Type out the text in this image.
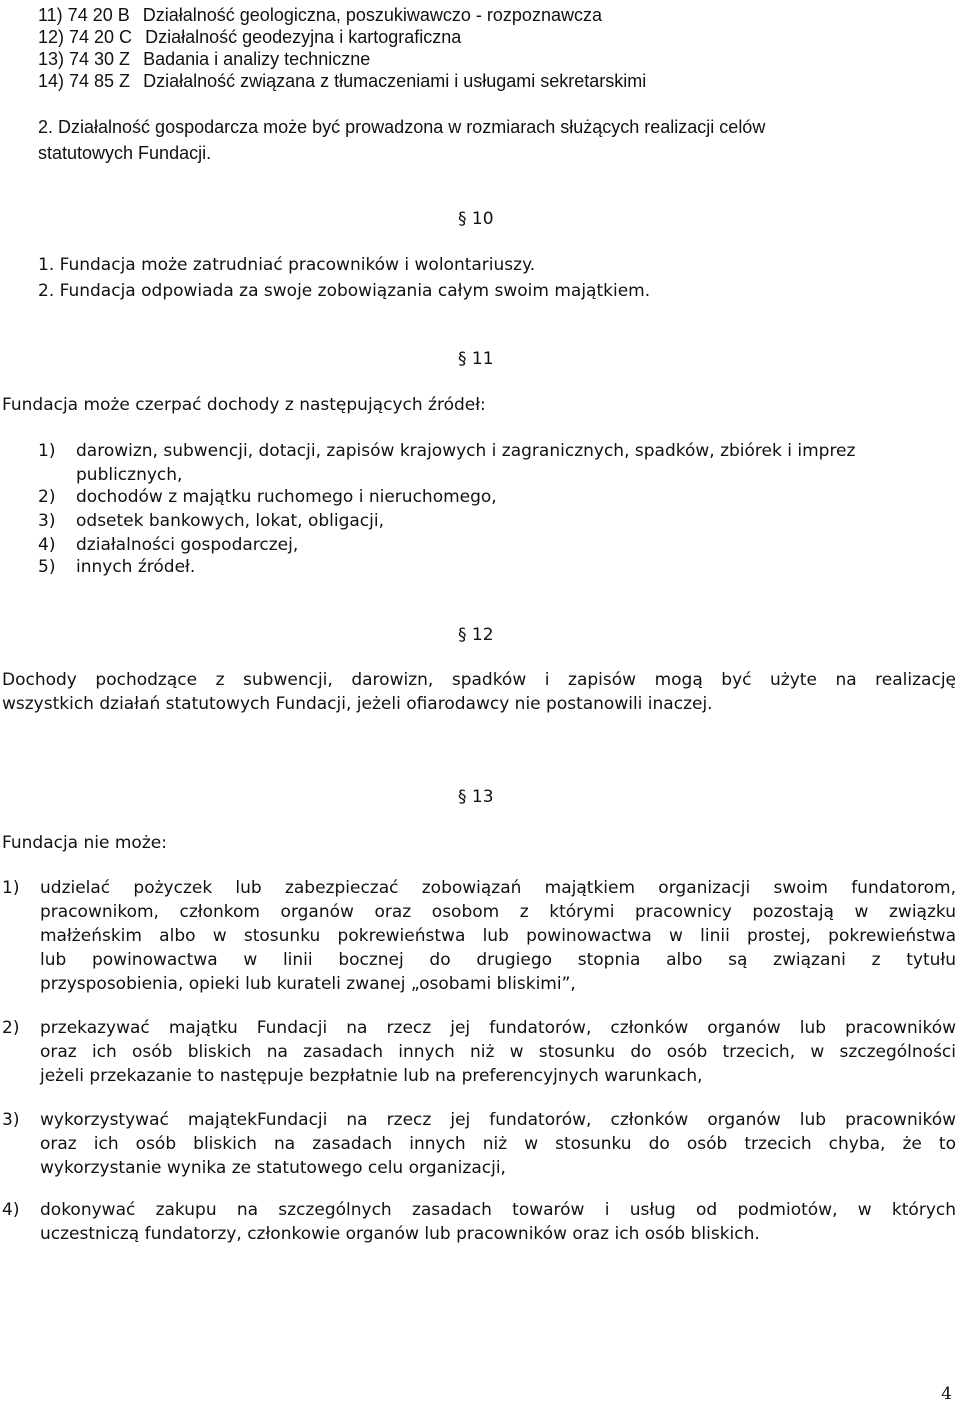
11) 74 20 B Działalność geologiczna, poszukiwawczo - rozpoznawcza
12) 74 20 C Działalność geodezyjna i kartograficzna
13) 74 30 Z Badania i analizy techniczne
14) 74 85 Z Działalność związana z tłumaczeniami i usługami sekretarskimi
2. Działalność gospodarcza może być prowadzona w rozmiarach służących realizacji celów
statutowych Fundacji.
§ 10
1. Fundacja może zatrudniać pracowników i wolontariuszy.
2. Fundacja odpowiada za swoje zobowiązania całym swoim majątkiem.
§ 11
Fundacja może czerpać dochody z następujących źródeł:
1) darowizn, subwencji, dotacji, zapisów krajowych i zagranicznych, spadków, zbiórek i imprez
publicznych,
2) dochodów z majątku ruchomego i nieruchomego,
3) odsetek bankowych, lokat, obligacji,
4) działalności gospodarczej,
5) innych źródeł.
§ 12
Dochody pochodzące z subwencji, darowizn, spadków i zapisów mogą być użyte na realizację
wszystkich działań statutowych Fundacji, jeżeli ofiarodawcy nie postanowili inaczej.
§ 13
Fundacja nie może:
1) udzielać pożyczek lub zabezpieczać zobowiązań majątkiem organizacji swoim fundatorom,
pracownikom, członkom organów oraz osobom z którymi pracownicy pozostają w związku
małżeńskim albo w stosunku pokrewieństwa lub powinowactwa w linii prostej, pokrewieństwa
lub powinowactwa w linii bocznej do drugiego stopnia albo są związani z tytułu
przysposobienia, opieki lub kurateli zwanej „osobami bliskimi”,
2) przekazywać majątku Fundacji na rzecz jej fundatorów, członków organów lub pracowników
oraz ich osób bliskich na zasadach innych niż w stosunku do osób trzecich, w szczególności
jeżeli przekazanie to następuje bezpłatnie lub na preferencyjnych warunkach,
3) wykorzystywać majątekFundacji na rzecz jej fundatorów, członków organów lub pracowników
oraz ich osób bliskich na zasadach innych niż w stosunku do osób trzecich chyba, że to
wykorzystanie wynika ze statutowego celu organizacji,
4) dokonywać zakupu na szczególnych zasadach towarów i usług od podmiotów, w których
uczestniczą fundatorzy, członkowie organów lub pracowników oraz ich osób bliskich.
4
